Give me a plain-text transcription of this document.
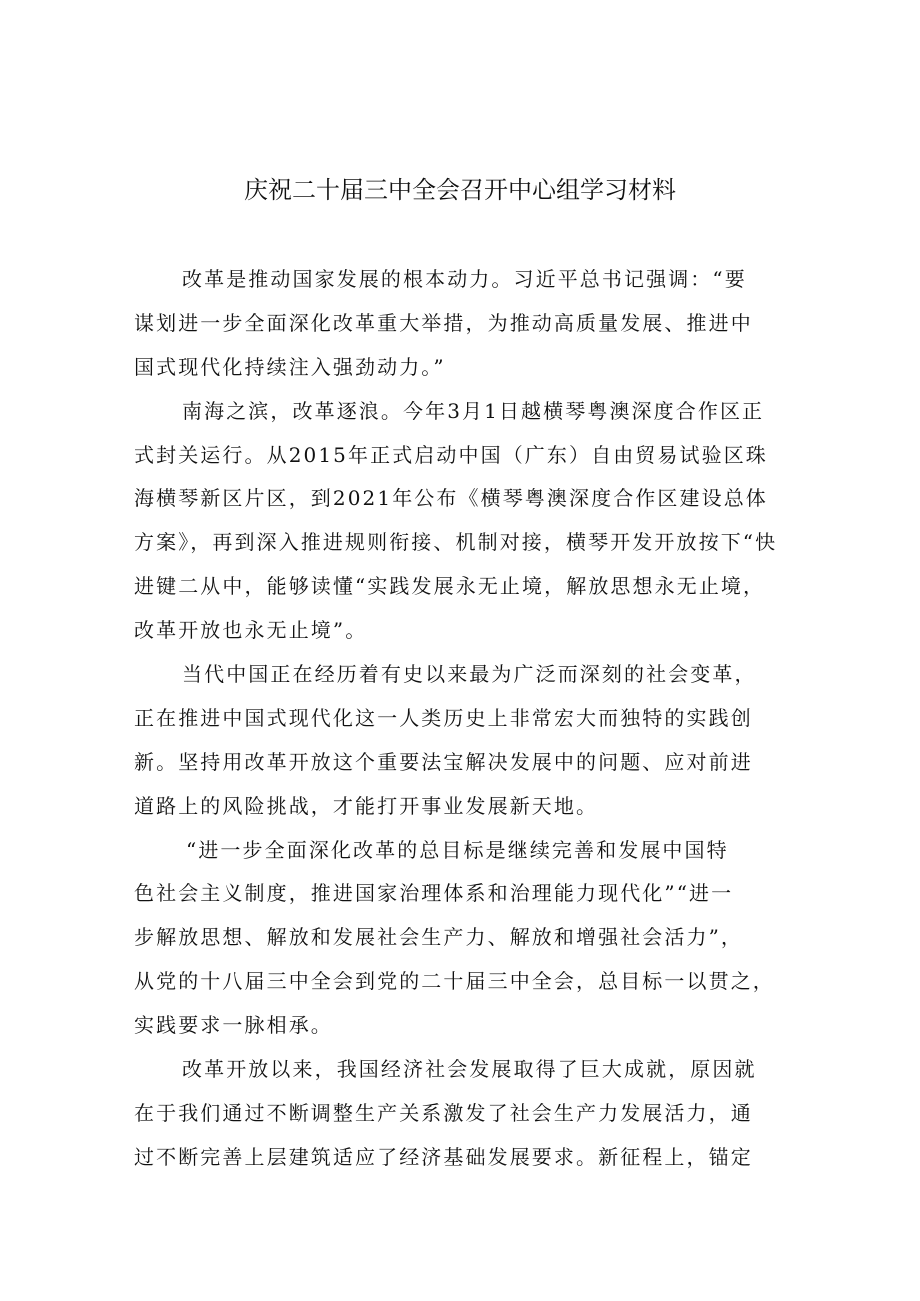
庆祝二十届三中全会召开中心组学习材料
改革是推动国家发展的根本动力。习近平总书记强调：“要
谋划进一步全面深化改革重大举措，为推动高质量发展、推进中
国式现代化持续注入强劲动力。”
南海之滨，改革逐浪。今年3月1日越横琴粤澳深度合作区正
式封关运行。从2015年正式启动中国（广东）自由贸易试验区珠
海横琴新区片区，到2021年公布《横琴粤澳深度合作区建设总体
方案》，再到深入推进规则衔接、机制对接，横琴开发开放按下“快
进键二从中，能够读懂“实践发展永无止境，解放思想永无止境，
改革开放也永无止境”。
当代中国正在经历着有史以来最为广泛而深刻的社会变革，
正在推进中国式现代化这一人类历史上非常宏大而独特的实践创
新。坚持用改革开放这个重要法宝解决发展中的问题、应对前进
道路上的风险挑战，才能打开事业发展新天地。
“进一步全面深化改革的总目标是继续完善和发展中国特
色社会主义制度，推进国家治理体系和治理能力现代化”“进一
步解放思想、解放和发展社会生产力、解放和增强社会活力”，
从党的十八届三中全会到党的二十届三中全会，总目标一以贯之，
实践要求一脉相承。
改革开放以来，我国经济社会发展取得了巨大成就，原因就
在于我们通过不断调整生产关系激发了社会生产力发展活力，通
过不断完善上层建筑适应了经济基础发展要求。新征程上，锚定
